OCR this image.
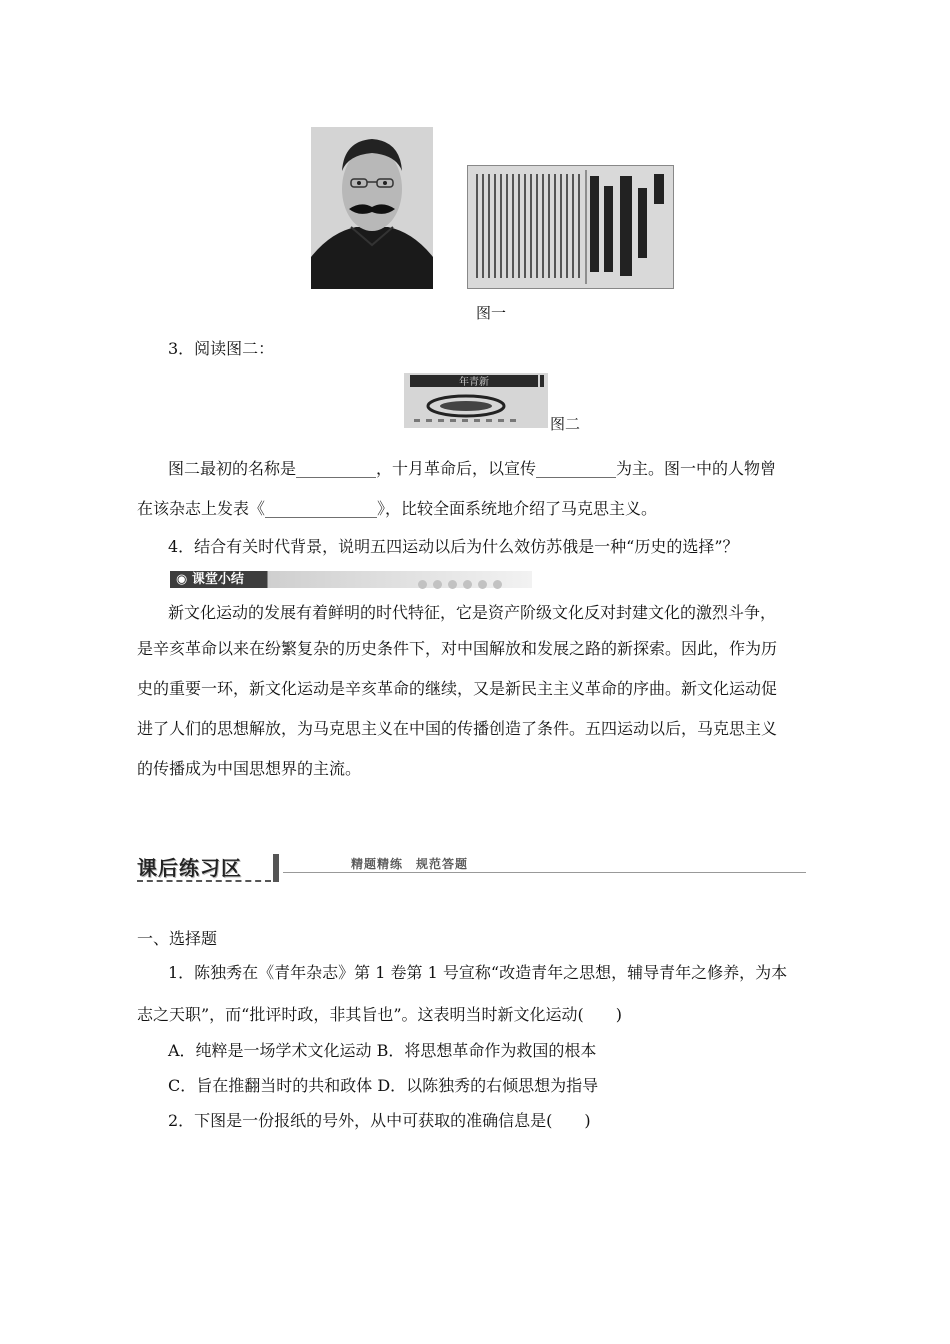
图一
3．阅读图二：
年青新
图二
图二最初的名称是__________，十月革命后，以宣传__________为主。图一中的人物曾
在该杂志上发表《______________》，比较全面系统地介绍了马克思主义。
4．结合有关时代背景，说明五四运动以后为什么效仿苏俄是一种“历史的选择”？
◉ 课堂小结
新文化运动的发展有着鲜明的时代特征，它是资产阶级文化反对封建文化的激烈斗争，
是辛亥革命以来在纷繁复杂的历史条件下，对中国解放和发展之路的新探索。因此，作为历
史的重要一环，新文化运动是辛亥革命的继续，又是新民主主义革命的序曲。新文化运动促
进了人们的思想解放，为马克思主义在中国的传播创造了条件。五四运动以后，马克思主义
的传播成为中国思想界的主流。
课后练习区	精题精练　规范答题
一、选择题
1．陈独秀在《青年杂志》第 1 卷第 1 号宣称“改造青年之思想，辅导青年之修养，为本
志之天职”，而“批评时政，非其旨也”。这表明当时新文化运动(　　)
A．纯粹是一场学术文化运动 B．将思想革命作为救国的根本
C．旨在推翻当时的共和政体 D．以陈独秀的右倾思想为指导
2．下图是一份报纸的号外，从中可获取的准确信息是(　　)
